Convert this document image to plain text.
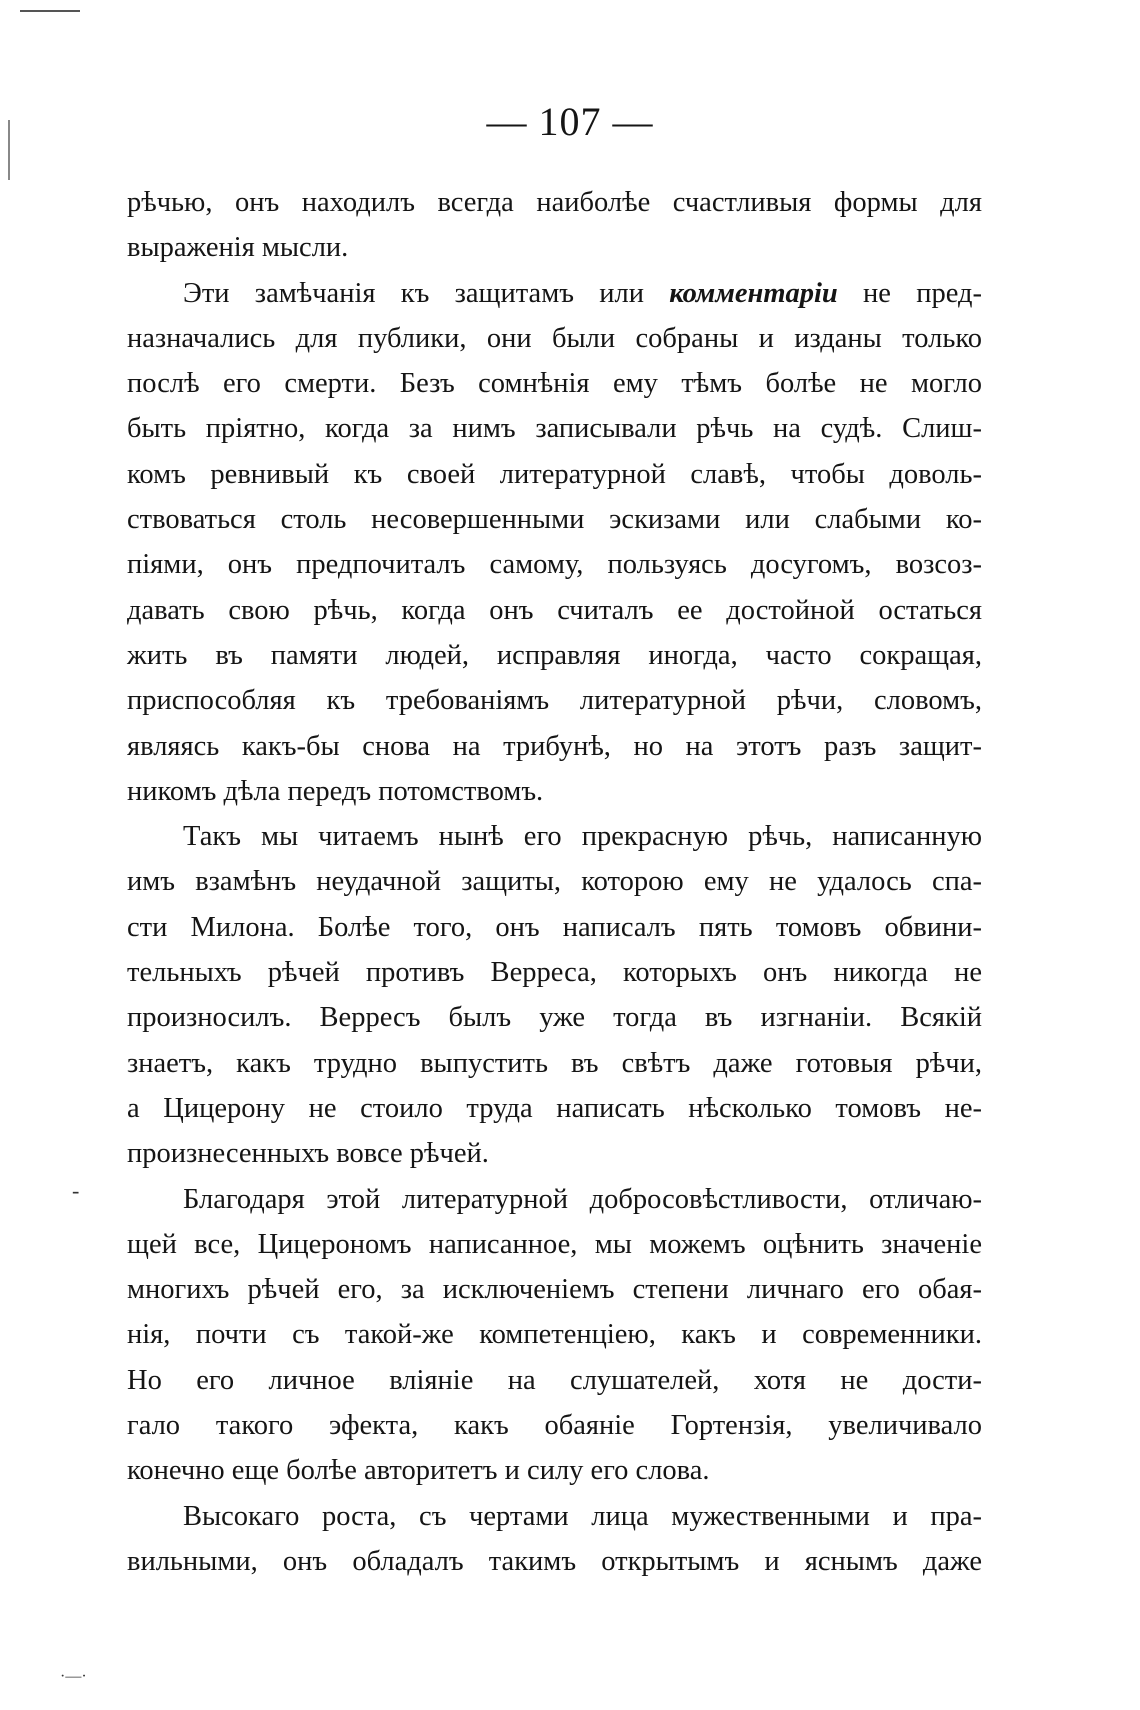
— 107 —
рѣчью, онъ находилъ всегда наиболѣе счастливыя формы для
выраженія мысли.
Эти замѣчанія къ защитамъ или комментаріи не пред-
назначались для публики, они были собраны и изданы только
послѣ его смерти. Безъ сомнѣнія ему тѣмъ болѣе не могло
быть пріятно, когда за нимъ записывали рѣчь на судѣ. Слиш-
комъ ревнивый къ своей литературной славѣ, чтобы доволь-
ствоваться столь несовершенными эскизами или слабыми ко-
піями, онъ предпочиталъ самому, пользуясь досугомъ, возсоз-
давать свою рѣчь, когда онъ считалъ ее достойной остаться
жить въ памяти людей, исправляя иногда, часто сокращая,
приспособляя къ требованіямъ литературной рѣчи, словомъ,
являясь какъ-бы снова на трибунѣ, но на этотъ разъ защит-
никомъ дѣла передъ потомствомъ.
Такъ мы читаемъ нынѣ его прекрасную рѣчь, написанную
имъ взамѣнъ неудачной защиты, которою ему не удалось спа-
сти Милона. Болѣе того, онъ написалъ пять томовъ обвини-
тельныхъ рѣчей противъ Верреса, которыхъ онъ никогда не
произносилъ. Верресъ былъ уже тогда въ изгнаніи. Всякій
знаетъ, какъ трудно выпустить въ свѣтъ даже готовыя рѣчи,
а Цицерону не стоило труда написать нѣсколько томовъ не-
произнесенныхъ вовсе рѣчей.
Благодаря этой литературной добросовѣстливости, отличаю-
щей все, Цицерономъ написанное, мы можемъ оцѣнить значеніе
многихъ рѣчей его, за исключеніемъ степени личнаго его обая-
нія, почти съ такой-же компетенціею, какъ и современники.
Но его личное вліяніе на слушателей, хотя не дости-
гало такого эфекта, какъ обаяніе Гортензія, увеличивало
конечно еще болѣе авторитетъ и силу его слова.
Высокаго роста, съ чертами лица мужественными и пра-
вильными, онъ обладалъ такимъ открытымъ и яснымъ даже
-
·—·
